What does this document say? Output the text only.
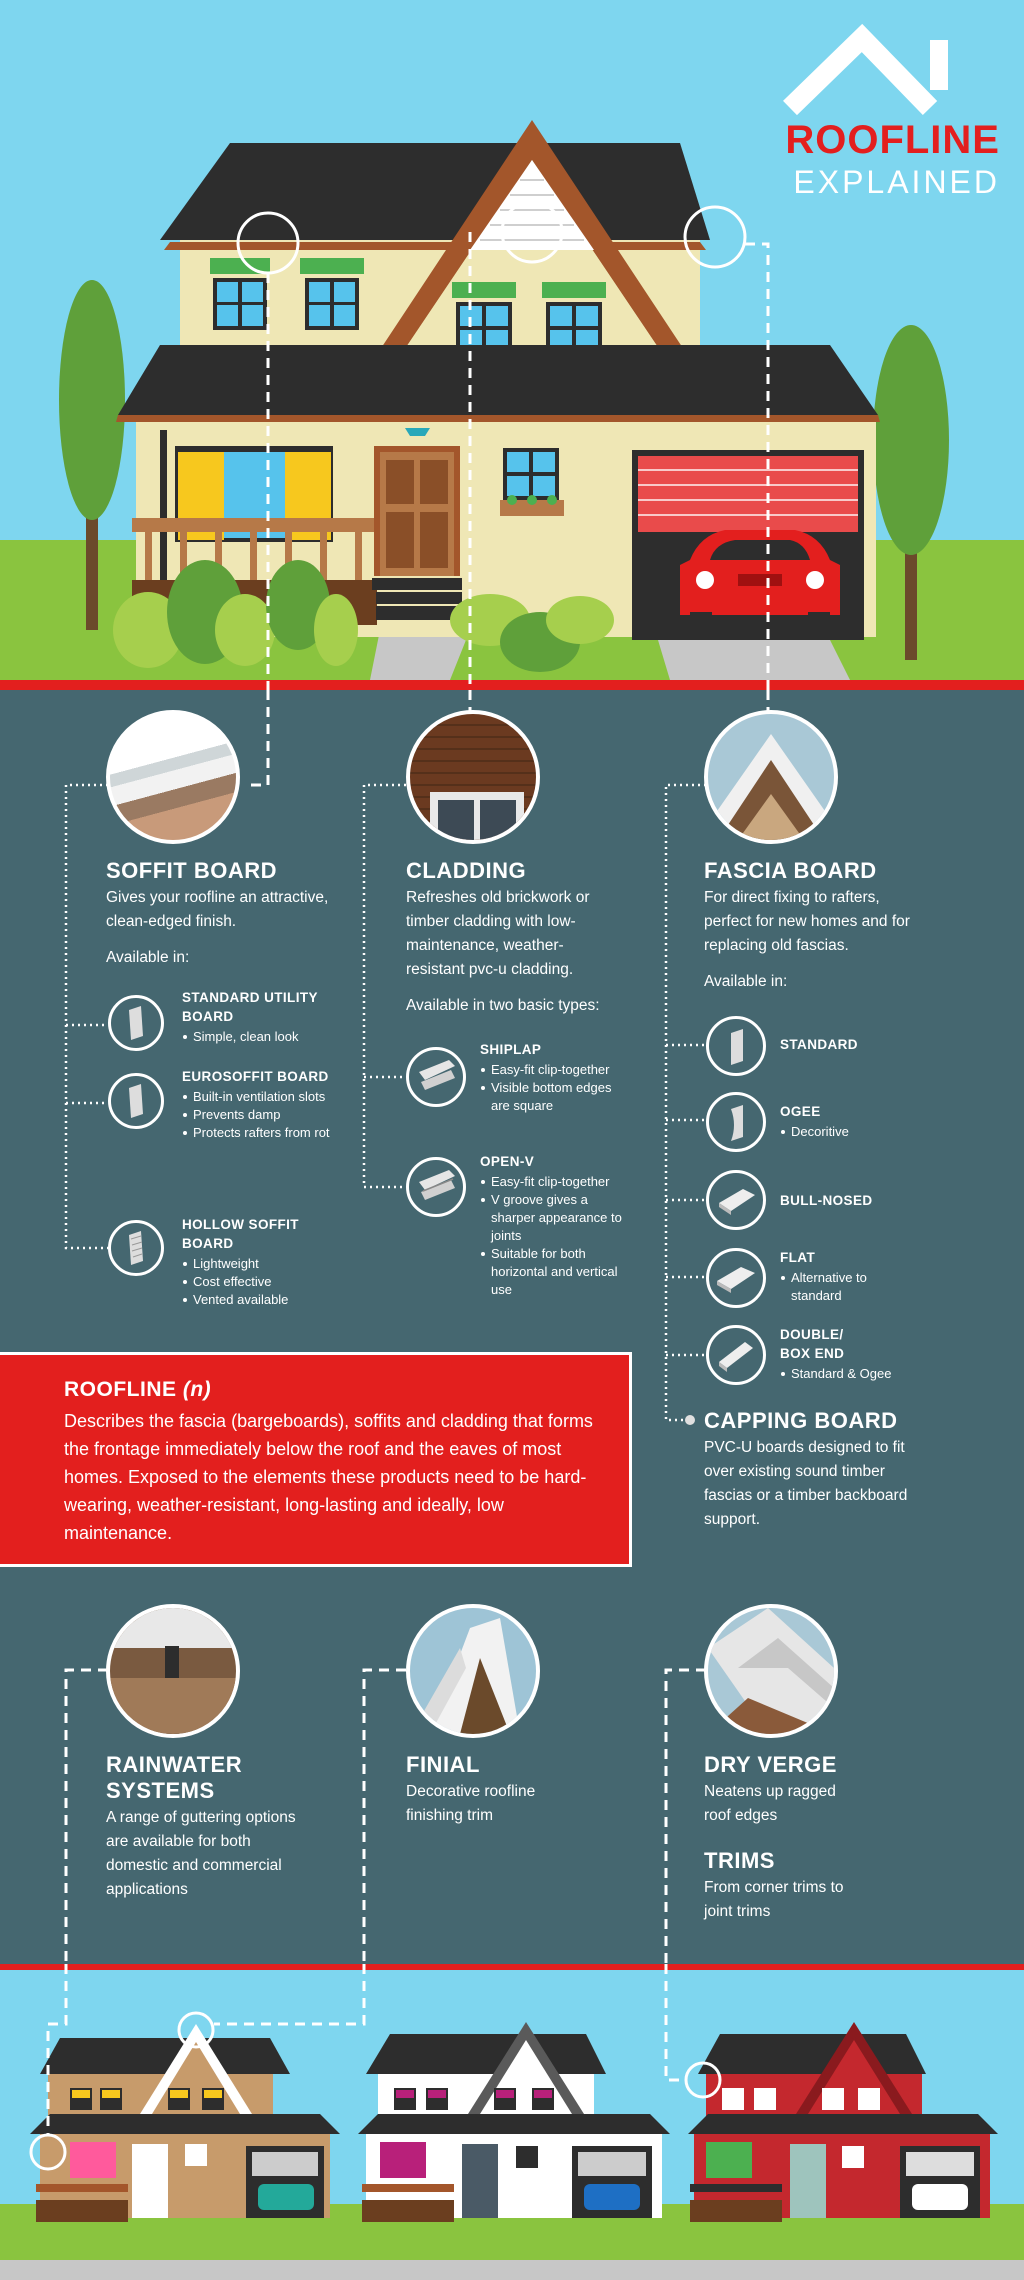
ROOFLINE
EXPLAINED
SOFFIT BOARD

Gives your roofline an attractive, clean-edged finish.

Available in:

STANDARD UTILITY BOARD
Simple, clean look
EUROSOFFIT BOARD
Built-in ventilation slots
Prevents damp
Protects rafters from rot
HOLLOW SOFFIT BOARD
Lightweight
Cost effective
Vented available
CLADDING

Refreshes old brickwork or timber cladding with low-maintenance, weather-resistant pvc-u cladding.

Available in two basic types:

SHIPLAP
Easy-fit clip-together
Visible bottom edges are square
OPEN-V
Easy-fit clip-together
V groove gives a sharper appearance to joints
Suitable for both horizontal and vertical use
FASCIA BOARD

For direct fixing to rafters, perfect for new homes and for replacing old fascias.

Available in:

STANDARD
OGEE
Decoritive
BULL-NOSED
FLAT
Alternative to standard
DOUBLE/ BOX END
Standard & Ogee
CAPPING BOARD

PVC-U boards designed to fit over existing sound timber fascias or a timber backboard support.

ROOFLINE (n)

Describes the fascia (bargeboards), soffits and cladding that forms the frontage immediately below the roof and the eaves of most homes. Exposed to the elements these products need to be hard-wearing, weather-resistant, long-lasting and ideally, low maintenance.

RAINWATER SYSTEMS

A range of guttering options are available for both domestic and commercial applications

FINIAL

Decorative roofline finishing trim

DRY VERGE

Neatens up ragged roof edges

TRIMS

From corner trims to joint trims
